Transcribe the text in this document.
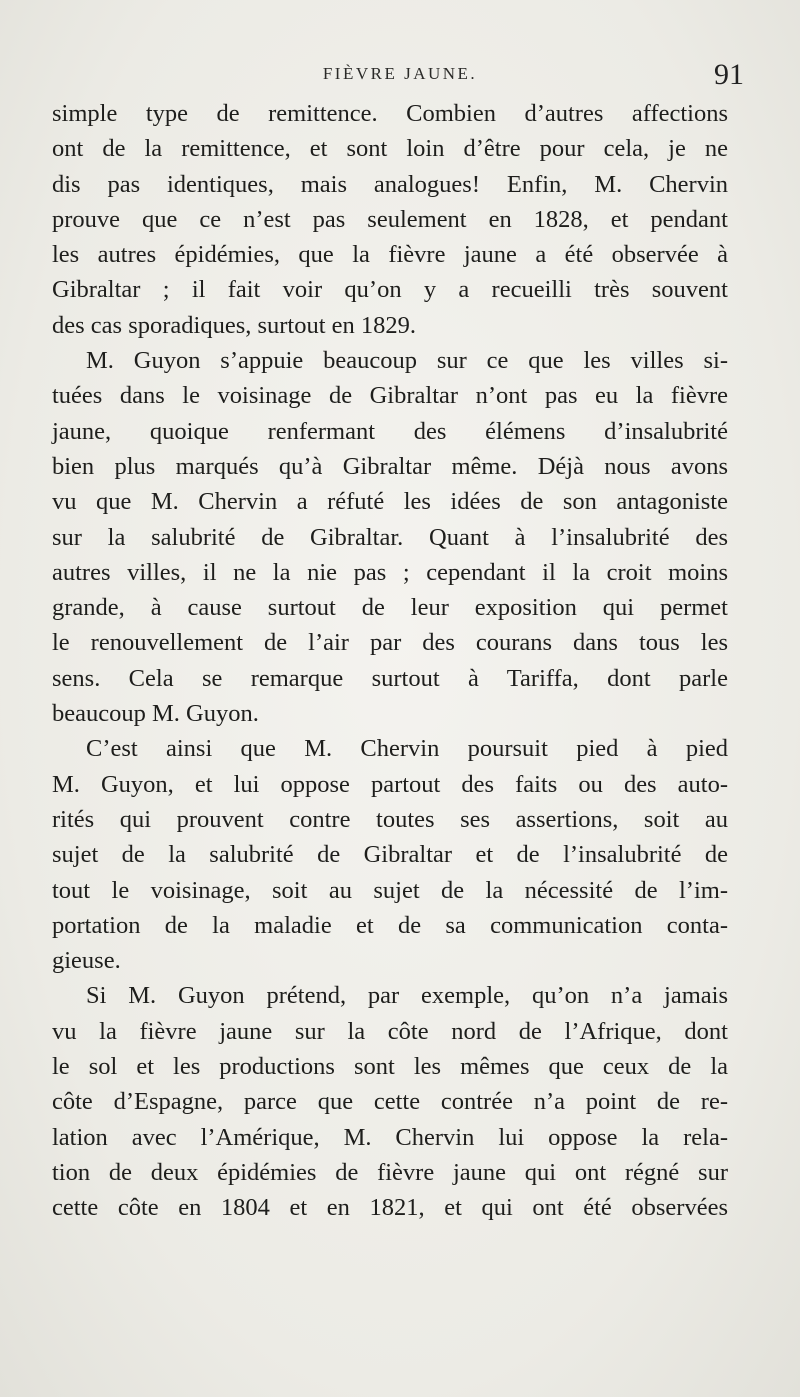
FIÈVRE JAUNE.	91
simple type de remittence. Combien d’autres affections
ont de la remittence, et sont loin d’être pour cela, je ne
dis pas identiques, mais analogues! Enfin, M. Chervin
prouve que ce n’est pas seulement en 1828, et pendant
les autres épidémies, que la fièvre jaune a été observée à
Gibraltar ; il fait voir qu’on y a recueilli très souvent
des cas sporadiques, surtout en 1829.
M. Guyon s’appuie beaucoup sur ce que les villes si-
tuées dans le voisinage de Gibraltar n’ont pas eu la fièvre
jaune, quoique renfermant des élémens d’insalubrité
bien plus marqués qu’à Gibraltar même. Déjà nous avons
vu que M. Chervin a réfuté les idées de son antagoniste
sur la salubrité de Gibraltar. Quant à l’insalubrité des
autres villes, il ne la nie pas ; cependant il la croit moins
grande, à cause surtout de leur exposition qui permet
le renouvellement de l’air par des courans dans tous les
sens. Cela se remarque surtout à Tariffa, dont parle
beaucoup M. Guyon.
C’est ainsi que M. Chervin poursuit pied à pied
M. Guyon, et lui oppose partout des faits ou des auto-
rités qui prouvent contre toutes ses assertions, soit au
sujet de la salubrité de Gibraltar et de l’insalubrité de
tout le voisinage, soit au sujet de la nécessité de l’im-
portation de la maladie et de sa communication conta-
gieuse.
Si M. Guyon prétend, par exemple, qu’on n’a jamais
vu la fièvre jaune sur la côte nord de l’Afrique, dont
le sol et les productions sont les mêmes que ceux de la
côte d’Espagne, parce que cette contrée n’a point de re-
lation avec l’Amérique, M. Chervin lui oppose la rela-
tion de deux épidémies de fièvre jaune qui ont régné sur
cette côte en 1804 et en 1821, et qui ont été observées
